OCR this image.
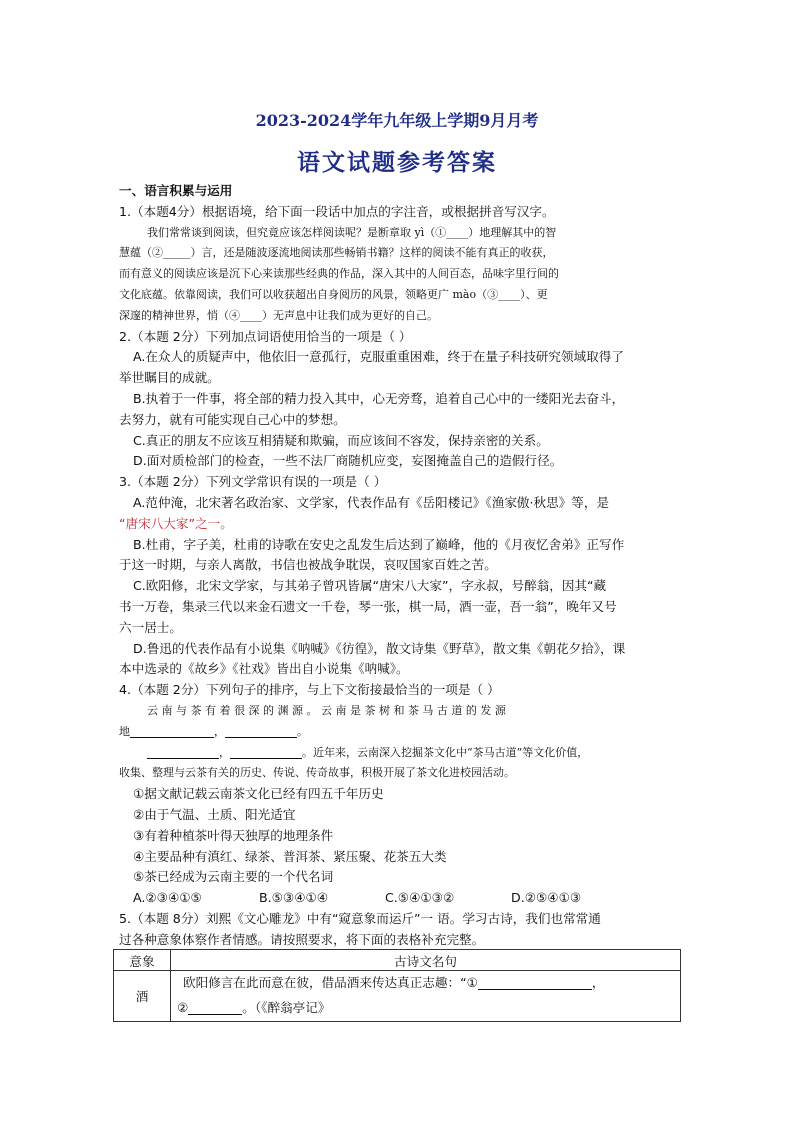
2023-2024学年九年级上学期9月月考
语文试题参考答案
一、语言积累与运用
1.（本题4分）根据语境，给下面一段话中加点的字注音，或根据拼音写汉字。
我们常常谈到阅读，但究竟应该怎样阅读呢？是断章取 yì（①____）地理解其中的智
慧蕴（②_____）言，还是随波逐流地阅读那些畅销书籍？这样的阅读不能有真正的收获，
而有意义的阅读应该是沉下心来读那些经典的作品，深入其中的人间百态，品味字里行间的
文化底蕴。依靠阅读，我们可以收获超出自身阅历的风景，领略更广 mào（③____）、更
深邃的精神世界，悄（④____）无声息中让我们成为更好的自己。
2.（本题 2分）下列加点词语使用恰当的一项是（ ）
A.在众人的质疑声中，他依旧一意孤行，克服重重困难，终于在量子科技研究领域取得了
举世瞩目的成就。
B.执着于一件事，将全部的精力投入其中，心无旁骛，追着自己心中的一缕阳光去奋斗，
去努力，就有可能实现自己心中的梦想。
C.真正的朋友不应该互相猜疑和欺骗，而应该间不容发，保持亲密的关系。
D.面对质检部门的检查，一些不法厂商随机应变，妄图掩盖自己的造假行径。
3.（本题 2分）下列文学常识有误的一项是（ ）
A.范仲淹，北宋著名政治家、文学家，代表作品有《岳阳楼记》《渔家傲·秋思》等，是
“唐宋八大家”之一。
B.杜甫，字子美，杜甫的诗歌在安史之乱发生后达到了巅峰，他的《月夜忆舍弟》正写作
于这一时期，与亲人离散，书信也被战争耽误，哀叹国家百姓之苦。
C.欧阳修，北宋文学家，与其弟子曾巩皆属“唐宋八大家”，字永叔，号醉翁，因其“藏
书一万卷，集录三代以来金石遗文一千卷，琴一张，棋一局，酒一壶，吾一翁”，晚年又号
六一居士。
D.鲁迅的代表作品有小说集《呐喊》《彷徨》，散文诗集《野草》，散文集《朝花夕拾》，课
本中选录的《故乡》《社戏》皆出自小说集《呐喊》。
4.（本题 2分）下列句子的排序，与上下文衔接最恰当的一项是（ ）
云 南 与 茶 有 着 很 深 的 渊 源 。 云 南 是 茶 树 和 茶 马 古 道 的 发 源
地	，	。
，	。近年来，云南深入挖掘茶文化中“茶马古道”等文化价值，
收集、整理与云茶有关的历史、传说、传奇故事，积极开展了茶文化进校园活动。
①据文献记载云南茶文化已经有四五千年历史
②由于气温、土质、阳光适宜
③有着种植茶叶得天独厚的地理条件
④主要品种有滇红、绿茶、普洱茶、紧压聚、花茶五大类
⑤茶已经成为云南主要的一个代名词
A.②③④①⑤	B.⑤③④①④	C.⑤④①③②	D.②⑤④①③
5.（本题 8分）刘熙《文心雕龙》中有“窥意象而运斤”一 语。学习古诗，我们也常常通
过各种意象体察作者情感。请按照要求，将下面的表格补充完整。
意象	古诗文名句
酒	欧阳修言在此而意在彼，借品酒来传达真正志趣：“① ，
② 。（《醉翁亭记》
